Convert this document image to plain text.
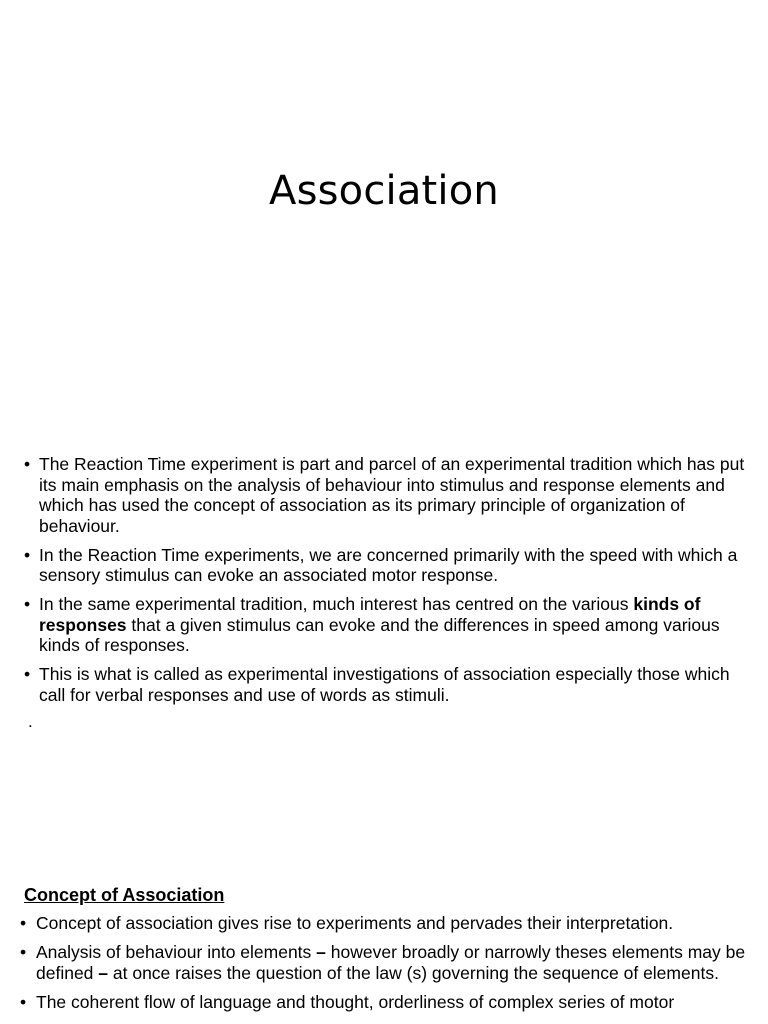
Association
• The Reaction Time experiment is part and parcel of an experimental tradition which has put its main emphasis on the analysis of behaviour into stimulus and response elements and which has used the concept of association as its primary principle of organization of behaviour.
• In the Reaction Time experiments, we are concerned primarily with the speed with which a sensory stimulus can evoke an associated motor response.
• In the same experimental tradition, much interest has centred on the various kinds of responses that a given stimulus can evoke and the differences in speed among various kinds of responses.
• This is what is called as experimental investigations of association especially those which call for verbal responses and use of words as stimuli.
.
Concept of Association
• Concept of association gives rise to experiments and pervades their interpretation.
• Analysis of behaviour into elements – however broadly or narrowly theses elements may be defined – at once raises the question of the law (s) governing the sequence of elements.
• The coherent flow of language and thought, orderliness of complex series of motor
